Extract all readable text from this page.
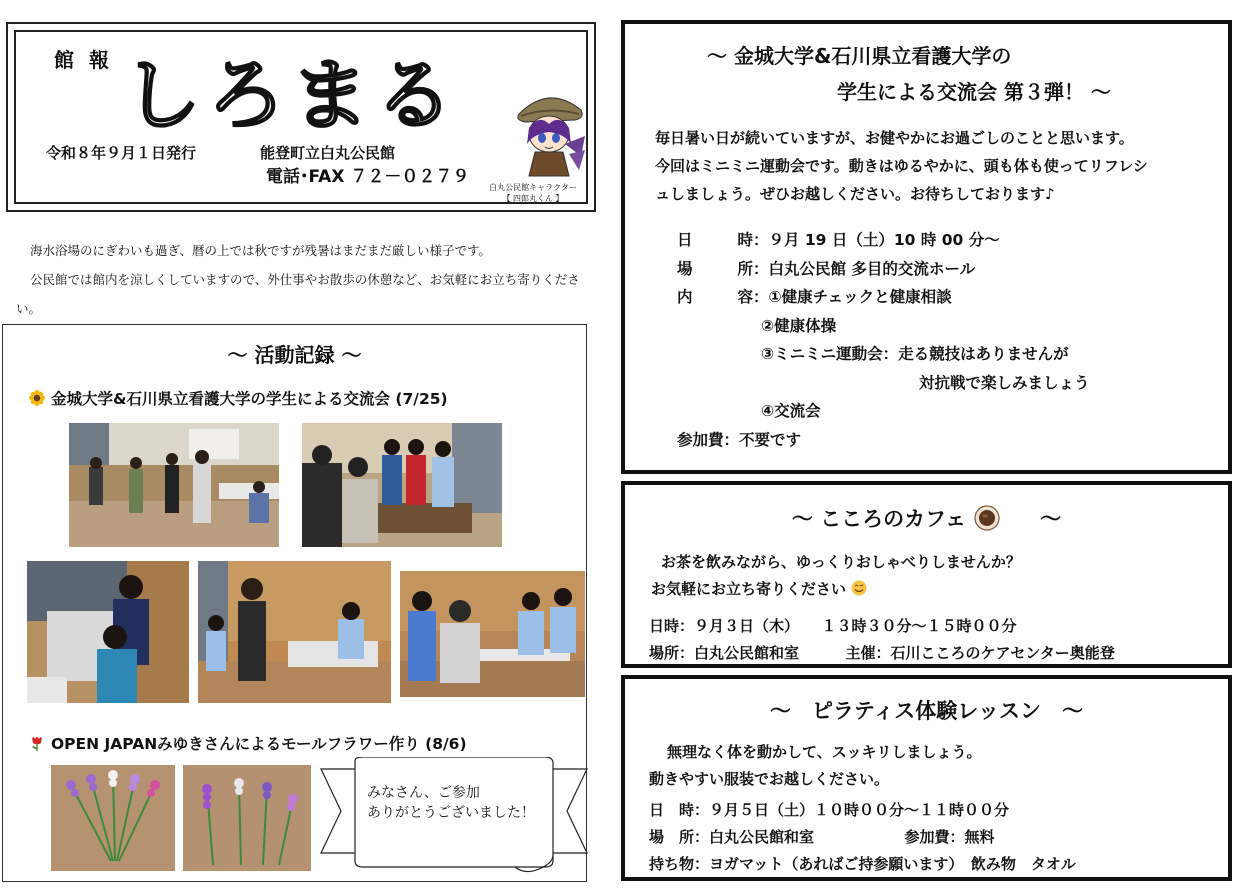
館 報 しろまる
令和８年９月１日発行	能登町立白丸公民館
電話･FAX ７２－０２７９
白丸公民館キャラクター
【 四郎丸くん 】

海水浴場のにぎわいも過ぎ、暦の上では秋ですが残暑はまだまだ厳しい様子です。

公民館では館内を涼しくしていますので、外仕事やお散歩の休憩など、お気軽にお立ち寄りください。

～ 活動記録 ～
金城大学&石川県立看護大学の学生による交流会 (7/25)
OPEN JAPANみゆきさんによるモールフラワー作り (8/6)
みなさん、ご参加
ありがとうございました！
～ 金城大学&石川県立看護大学の
学生による交流会 第３弾！ ～
毎日暑い日が続いていますが、お健やかにお過ごしのことと思います。
今回はミニミニ運動会です。動きはゆるやかに、頭も体も使ってリフレシ
ュしましょう。ぜひお越しください。お待ちしております♪
日	時 ：９月 19 日（土）10 時 00 分～
場	所 ：白丸公民館 多目的交流ホール
内	容 ：①健康チェックと健康相談
②健康体操
③ミニミニ運動会：走る競技はありませんが
対抗戦で楽しみましょう
④交流会
参加費：不要です
～ こころのカフェ	～
お茶を飲みながら、ゆっくりおしゃべりしませんか？
お気軽にお立ち寄りください
日時：９月３日（木）　　１３時３０分～１５時００分
場所：白丸公民館和室	主催：石川こころのケアセンター奥能登
～　ピラティス体験レッスン　～
無理なく体を動かして、スッキリしましょう。
動きやすい服装でお越しください。
日　時：９月５日（土）１０時００分～１１時００分
場　所：白丸公民館和室	参加費：無料
持ち物：ヨガマット（あればご持参願います）　飲み物　タオル
